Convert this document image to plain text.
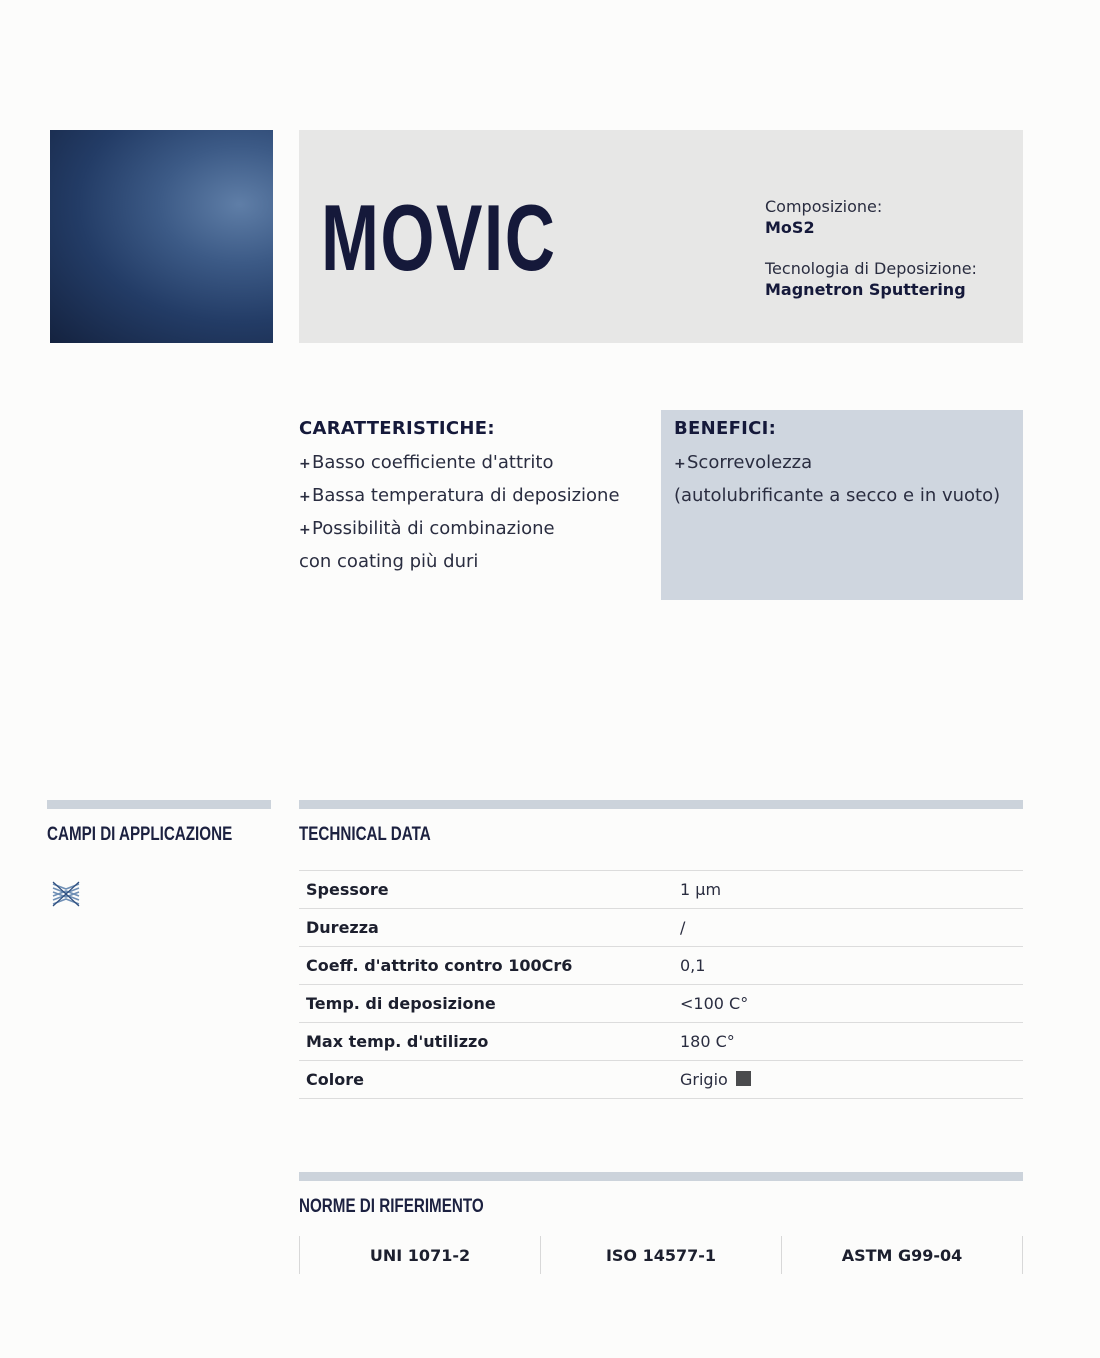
MOVIC	Composizione:
MoS2
Tecnologia di Deposizione:
Magnetron Sputtering
CARATTERISTICHE:
+Basso coefficiente d'attrito
+Bassa temperatura di deposizione
+Possibilità di combinazione
con coating più duri
BENEFICI:
+Scorrevolezza
(autolubrificante a secco e in vuoto)
CAMPI DI APPLICAZIONE	TECHNICAL DATA
Spessore	1 μm
Durezza	/
Coeff. d'attrito contro 100Cr6	0,1
Temp. di deposizione	<100 C°
Max temp. d'utilizzo	180 C°
Colore	Grigio
NORME DI RIFERIMENTO
UNI 1071-2	ISO 14577-1	ASTM G99-04
